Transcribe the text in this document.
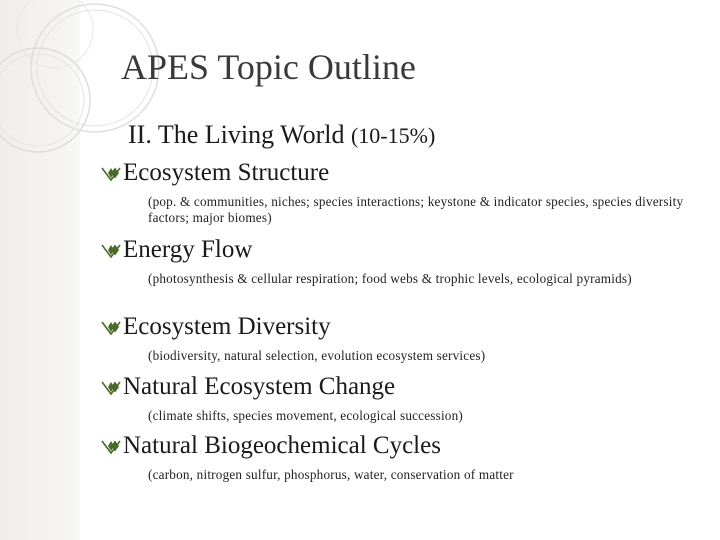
APES Topic Outline
II. The Living World (10-15%)
Ecosystem Structure
(pop. & communities, niches; species interactions; keystone & indicator species, species diversity factors; major biomes)
Energy Flow
(photosynthesis & cellular respiration; food webs & trophic levels, ecological pyramids)
Ecosystem Diversity
(biodiversity, natural selection, evolution ecosystem services)
Natural Ecosystem Change
(climate shifts, species movement, ecological succession)
Natural Biogeochemical Cycles
(carbon, nitrogen sulfur, phosphorus, water, conservation of matter
